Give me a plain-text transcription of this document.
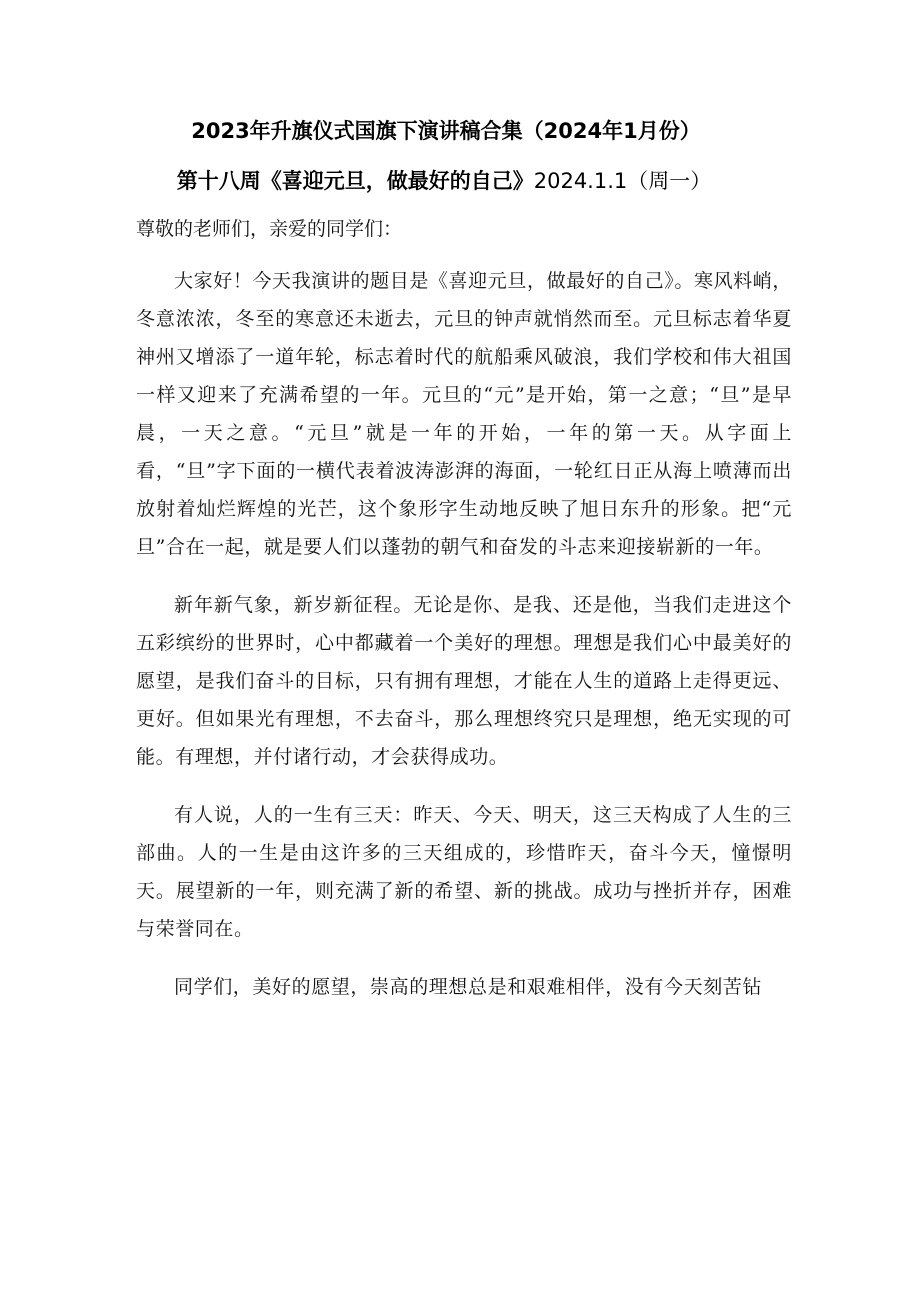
2023年升旗仪式国旗下演讲稿合集（2024年1月份）
第十八周《喜迎元旦，做最好的自己》2024.1.1（周一）

尊敬的老师们，亲爱的同学们：

大家好！今天我演讲的题目是《喜迎元旦，做最好的自己》。寒风料峭，冬意浓浓，冬至的寒意还未逝去，元旦的钟声就悄然而至。元旦标志着华夏神州又增添了一道年轮，标志着时代的航船乘风破浪，我们学校和伟大祖国一样又迎来了充满希望的一年。元旦的“元”是开始，第一之意；“旦”是早晨，一天之意。“元旦”就是一年的开始，一年的第一天。从字面上看，“旦”字下面的一横代表着波涛澎湃的海面，一轮红日正从海上喷薄而出放射着灿烂辉煌的光芒，这个象形字生动地反映了旭日东升的形象。把“元旦”合在一起，就是要人们以蓬勃的朝气和奋发的斗志来迎接崭新的一年。

新年新气象，新岁新征程。无论是你、是我、还是他，当我们走进这个五彩缤纷的世界时，心中都藏着一个美好的理想。理想是我们心中最美好的愿望，是我们奋斗的目标，只有拥有理想，才能在人生的道路上走得更远、更好。但如果光有理想，不去奋斗，那么理想终究只是理想，绝无实现的可能。有理想，并付诸行动，才会获得成功。

有人说，人的一生有三天：昨天、今天、明天，这三天构成了人生的三部曲。人的一生是由这许多的三天组成的，珍惜昨天，奋斗今天，憧憬明天。展望新的一年，则充满了新的希望、新的挑战。成功与挫折并存，困难与荣誉同在。

同学们，美好的愿望，崇高的理想总是和艰难相伴，没有今天刻苦钻
